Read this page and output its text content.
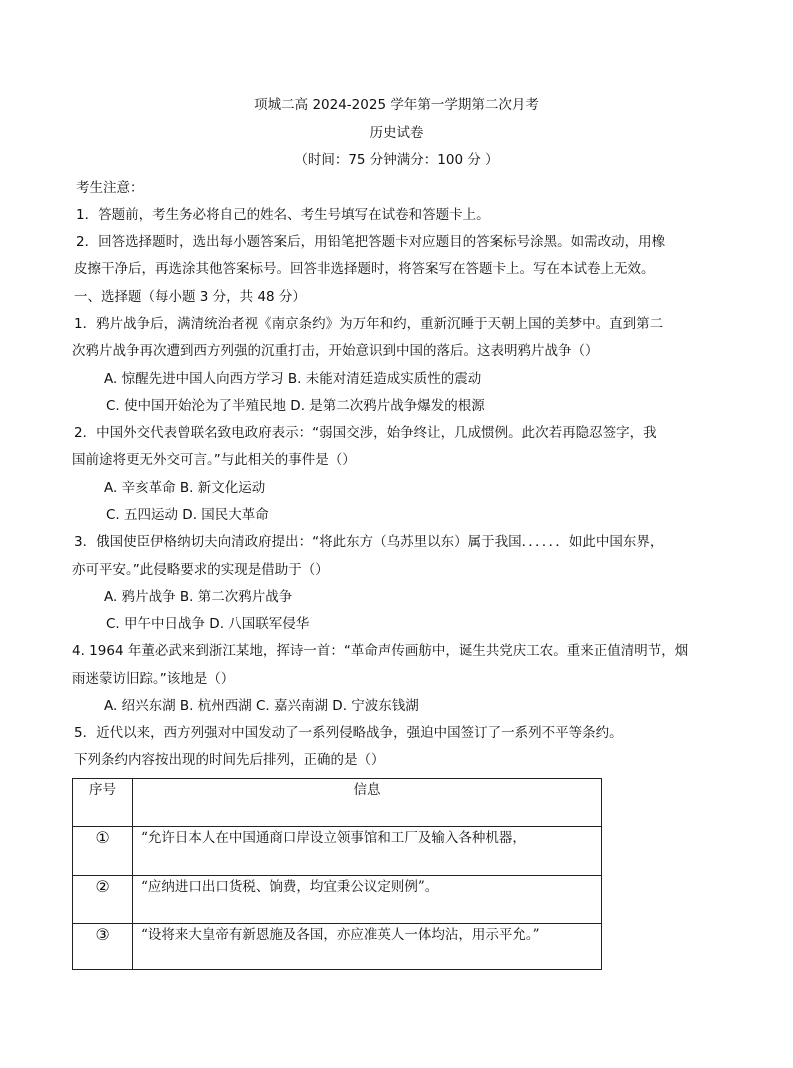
项城二高 2024-2025 学年第一学期第二次月考
历史试卷
（时间：75 分钟满分：100 分 ）
考生注意：
1．答题前，考生务必将自己的姓名、考生号填写在试卷和答题卡上。
2．回答选择题时，选出每小题答案后，用铅笔把答题卡对应题目的答案标号涂黑。如需改动，用橡
皮擦干净后，再选涂其他答案标号。回答非选择题时，将答案写在答题卡上。写在本试卷上无效。
一、选择题（每小题 3 分，共 48 分）
1．鸦片战争后，满清统治者视《南京条约》为万年和约，重新沉睡于天朝上国的美梦中。直到第二
次鸦片战争再次遭到西方列强的沉重打击，开始意识到中国的落后。这表明鸦片战争（）
A. 惊醒先进中国人向西方学习 B. 未能对清廷造成实质性的震动
C. 使中国开始沦为了半殖民地 D. 是第二次鸦片战争爆发的根源
2．中国外交代表曾联名致电政府表示：“弱国交涉，始争终让，几成惯例。此次若再隐忍签字，我
国前途将更无外交可言。”与此相关的事件是（）
A. 辛亥革命 B. 新文化运动
C. 五四运动 D. 国民大革命
3．俄国使臣伊格纳切夫向清政府提出：“将此东方（乌苏里以东）属于我国．．．．．．如此中国东界，
亦可平安。”此侵略要求的实现是借助于（）
A. 鸦片战争 B. 第二次鸦片战争
C. 甲午中日战争 D. 八国联军侵华
4. 1964 年董必武来到浙江某地，挥诗一首：“革命声传画舫中，诞生共党庆工农。重来正值清明节，烟
雨迷蒙访旧踪。”该地是（）
A. 绍兴东湖 B. 杭州西湖 C. 嘉兴南湖 D. 宁波东钱湖
5．近代以来，西方列强对中国发动了一系列侵略战争，强迫中国签订了一系列不平等条约。
下列条约内容按出现的时间先后排列，正确的是（）
序号	信息
①	“允许日本人在中国通商口岸设立领事馆和工厂及输入各种机器，
②	“应纳进口出口货税、饷费，均宜秉公议定则例”。
③	“设将来大皇帝有新恩施及各国，亦应准英人一体均沾，用示平允。”
